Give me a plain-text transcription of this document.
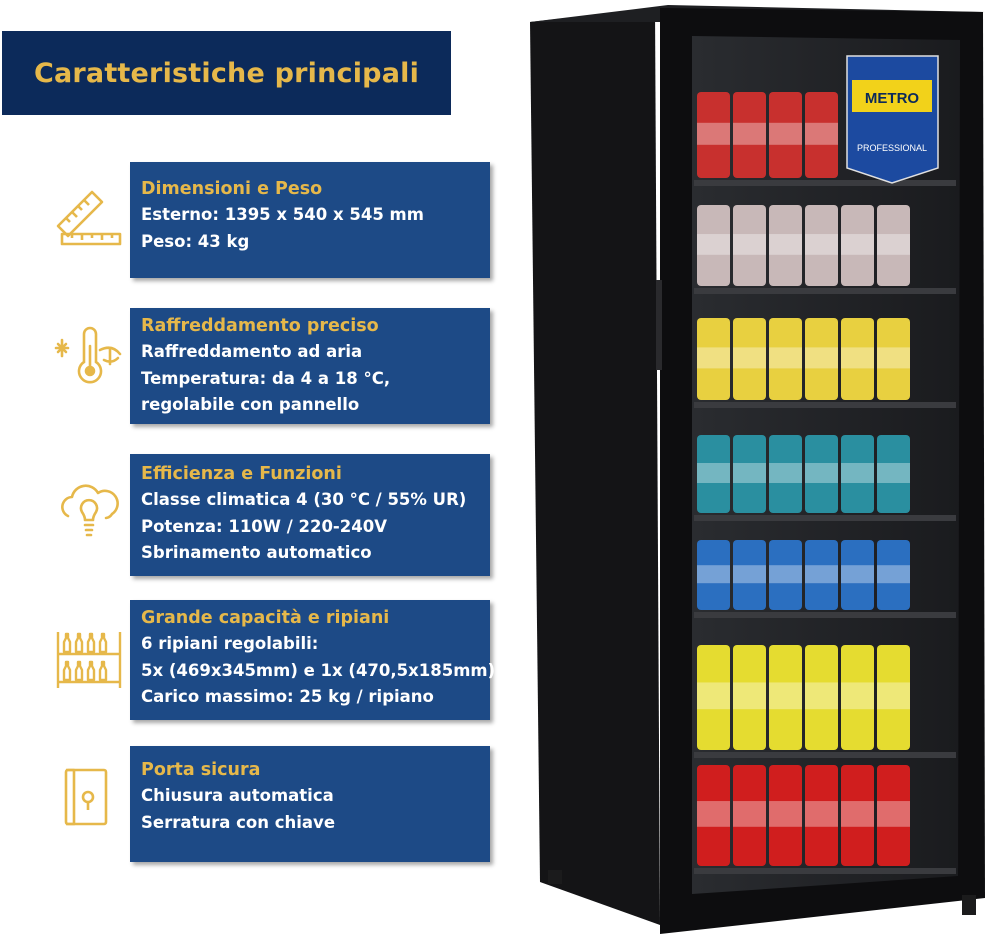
Caratteristiche principali
Dimensioni e Peso
Esterno: 1395 x 540 x 545 mm
Peso: 43 kg
Raffreddamento preciso
Raffreddamento ad aria
Temperatura: da 4 a 18 °C,
regolabile con pannello
Efficienza e Funzioni
Classe climatica 4 (30 °C / 55% UR)
Potenza: 110W / 220-240V
Sbrinamento automatico
Grande capacità e ripiani
6 ripiani regolabili:
5x (469x345mm) e 1x (470,5x185mm)
Carico massimo: 25 kg / ripiano
Porta sicura
Chiusura automatica
Serratura con chiave
METRO
PROFESSIONAL
